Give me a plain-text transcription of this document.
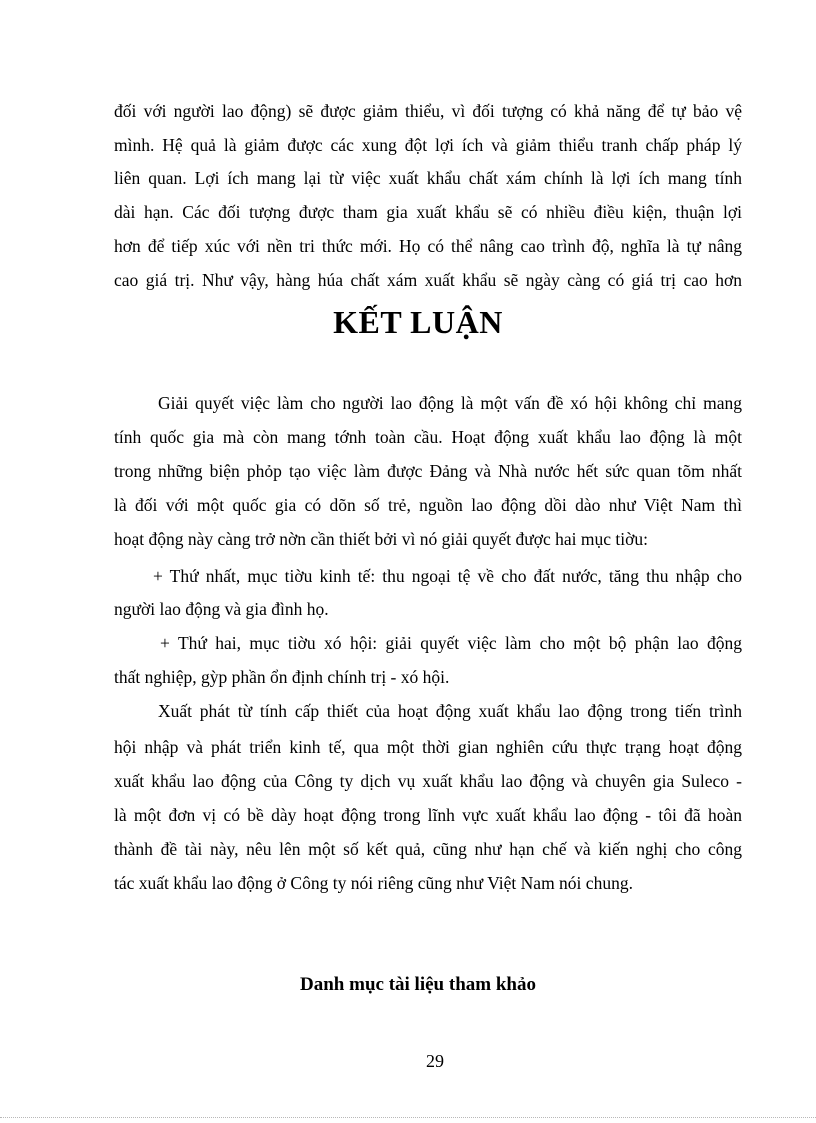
đối với người lao động) sẽ được giảm thiểu, vì đối tượng có khả năng để tự bảo vệ
mình. Hệ quả là giảm được các xung đột lợi ích và giảm thiểu tranh chấp pháp lý
liên quan. Lợi ích mang lại từ việc xuất khẩu chất xám chính là lợi ích mang tính
dài hạn. Các đối tượng được tham gia xuất khẩu sẽ có nhiều điều kiện, thuận lợi
hơn để tiếp xúc với nền tri thức mới. Họ có thể nâng cao trình độ, nghĩa là tự nâng
cao giá trị. Như vậy, hàng húa chất xám xuất khẩu sẽ ngày càng có giá trị cao hơn
KẾT LUẬN
Giải quyết việc làm cho người lao động là một vấn đề xó hội không chỉ mang
tính quốc gia mà còn mang tớnh toàn cầu. Hoạt động xuất khẩu lao động là một
trong những biện phỏp tạo việc làm được Đảng và Nhà nước hết sức quan tõm nhất
là đối với một quốc gia có dõn số trẻ, nguồn lao động dồi dào như Việt Nam thì
hoạt động này càng trở nờn cần thiết bởi vì nó giải quyết được hai mục tiờu:
+ Thứ nhất, mục tiờu kinh tế: thu ngoại tệ về cho đất nước, tăng thu nhập cho
người lao động và gia đình họ.
+ Thứ hai, mục tiờu xó hội: giải quyết việc làm cho một bộ phận lao động
thất nghiệp, gỳp phần ổn định chính trị - xó hội.
Xuất phát từ tính cấp thiết của hoạt động xuất khẩu lao động trong tiến trình
hội nhập và phát triển kinh tế, qua một thời gian nghiên cứu thực trạng hoạt động
xuất khẩu lao động của Công ty dịch vụ xuất khẩu lao động và chuyên gia Suleco -
là một đơn vị có bề dày hoạt động trong lĩnh vực xuất khẩu lao động - tôi đã hoàn
thành đề tài này, nêu lên một số kết quả, cũng như hạn chế và kiến nghị cho công
tác xuất khẩu lao động ở Công ty nói riêng cũng như Việt Nam nói chung.
Danh mục tài liệu tham khảo
29
